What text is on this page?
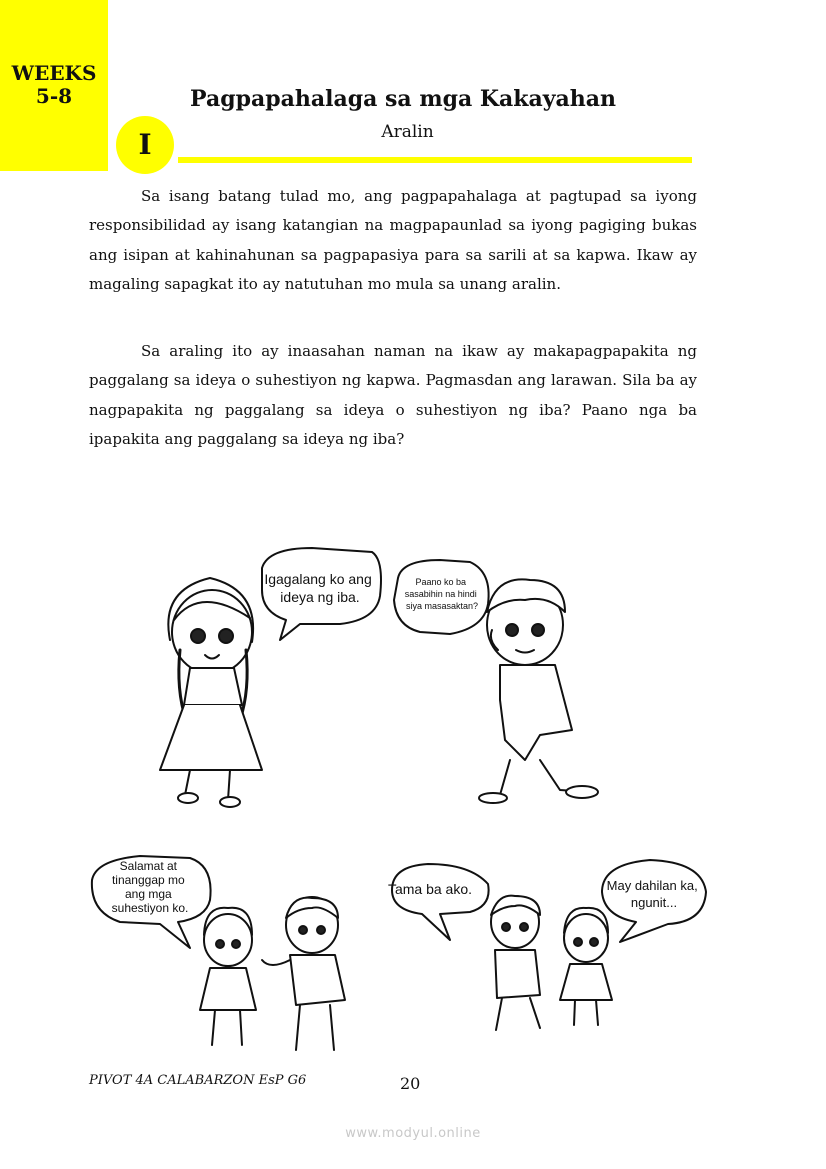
WEEKS
5-8	Pagpapahalaga sa mga Kakayahan
Aralin
I

Sa isang batang tulad mo, ang pagpapahalaga at pagtupad sa iyong responsibilidad ay isang katangian na magpapaunlad sa iyong pagiging bukas ang isipan at kahinahunan sa pagpapasiya para sa sarili at sa kapwa. Ikaw ay magaling sapagkat ito ay natutuhan mo mula sa unang aralin.

Sa araling ito ay inaasahan naman na ikaw ay makapagpapakita ng paggalang sa ideya o suhestiyon ng kapwa. Pagmasdan ang larawan. Sila ba ay nagpapakita ng paggalang sa ideya o suhestiyon ng iba? Paano nga ba ipapakita ang paggalang sa ideya ng iba?

Igagalang ko ang ideya ng iba.
Paano ko ba sasabihin na hindi siya masasaktan?
Salamat at tinanggap mo ang mga suhestiyon ko.
Tama ba ako.	May dahilan ka, ngunit...
PIVOT 4A CALABARZON EsP G6	20
www.modyul.online
